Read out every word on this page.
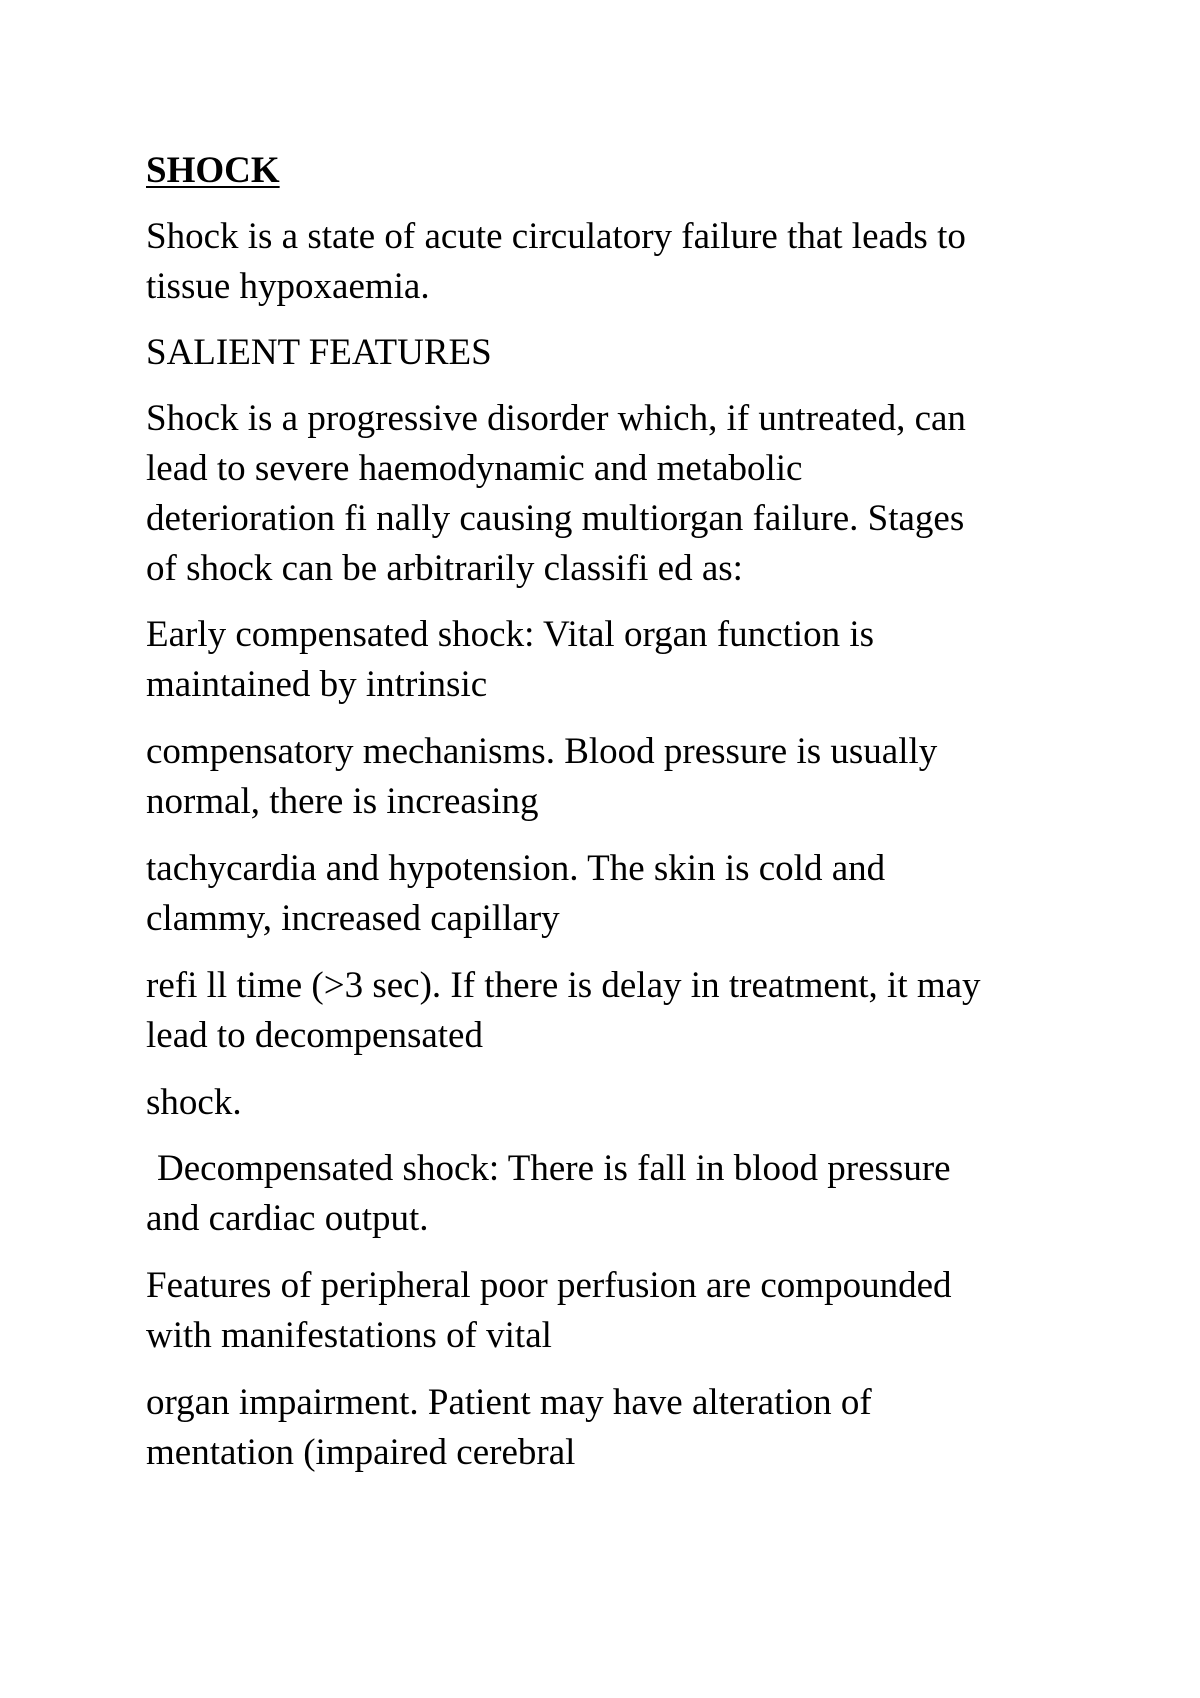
SHOCK
Shock is a state of acute circulatory failure that leads to
tissue hypoxaemia.
SALIENT FEATURES
Shock is a progressive disorder which, if untreated, can
lead to severe haemodynamic and metabolic
deterioration fi nally causing multiorgan failure. Stages
of shock can be arbitrarily classifi ed as:
Early compensated shock: Vital organ function is
maintained by intrinsic
compensatory mechanisms. Blood pressure is usually
normal, there is increasing
tachycardia and hypotension. The skin is cold and
clammy, increased capillary
refi ll time (>3 sec). If there is delay in treatment, it may
lead to decompensated
shock.
Decompensated shock: There is fall in blood pressure
and cardiac output.
Features of peripheral poor perfusion are compounded
with manifestations of vital
organ impairment. Patient may have alteration of
mentation (impaired cerebral
